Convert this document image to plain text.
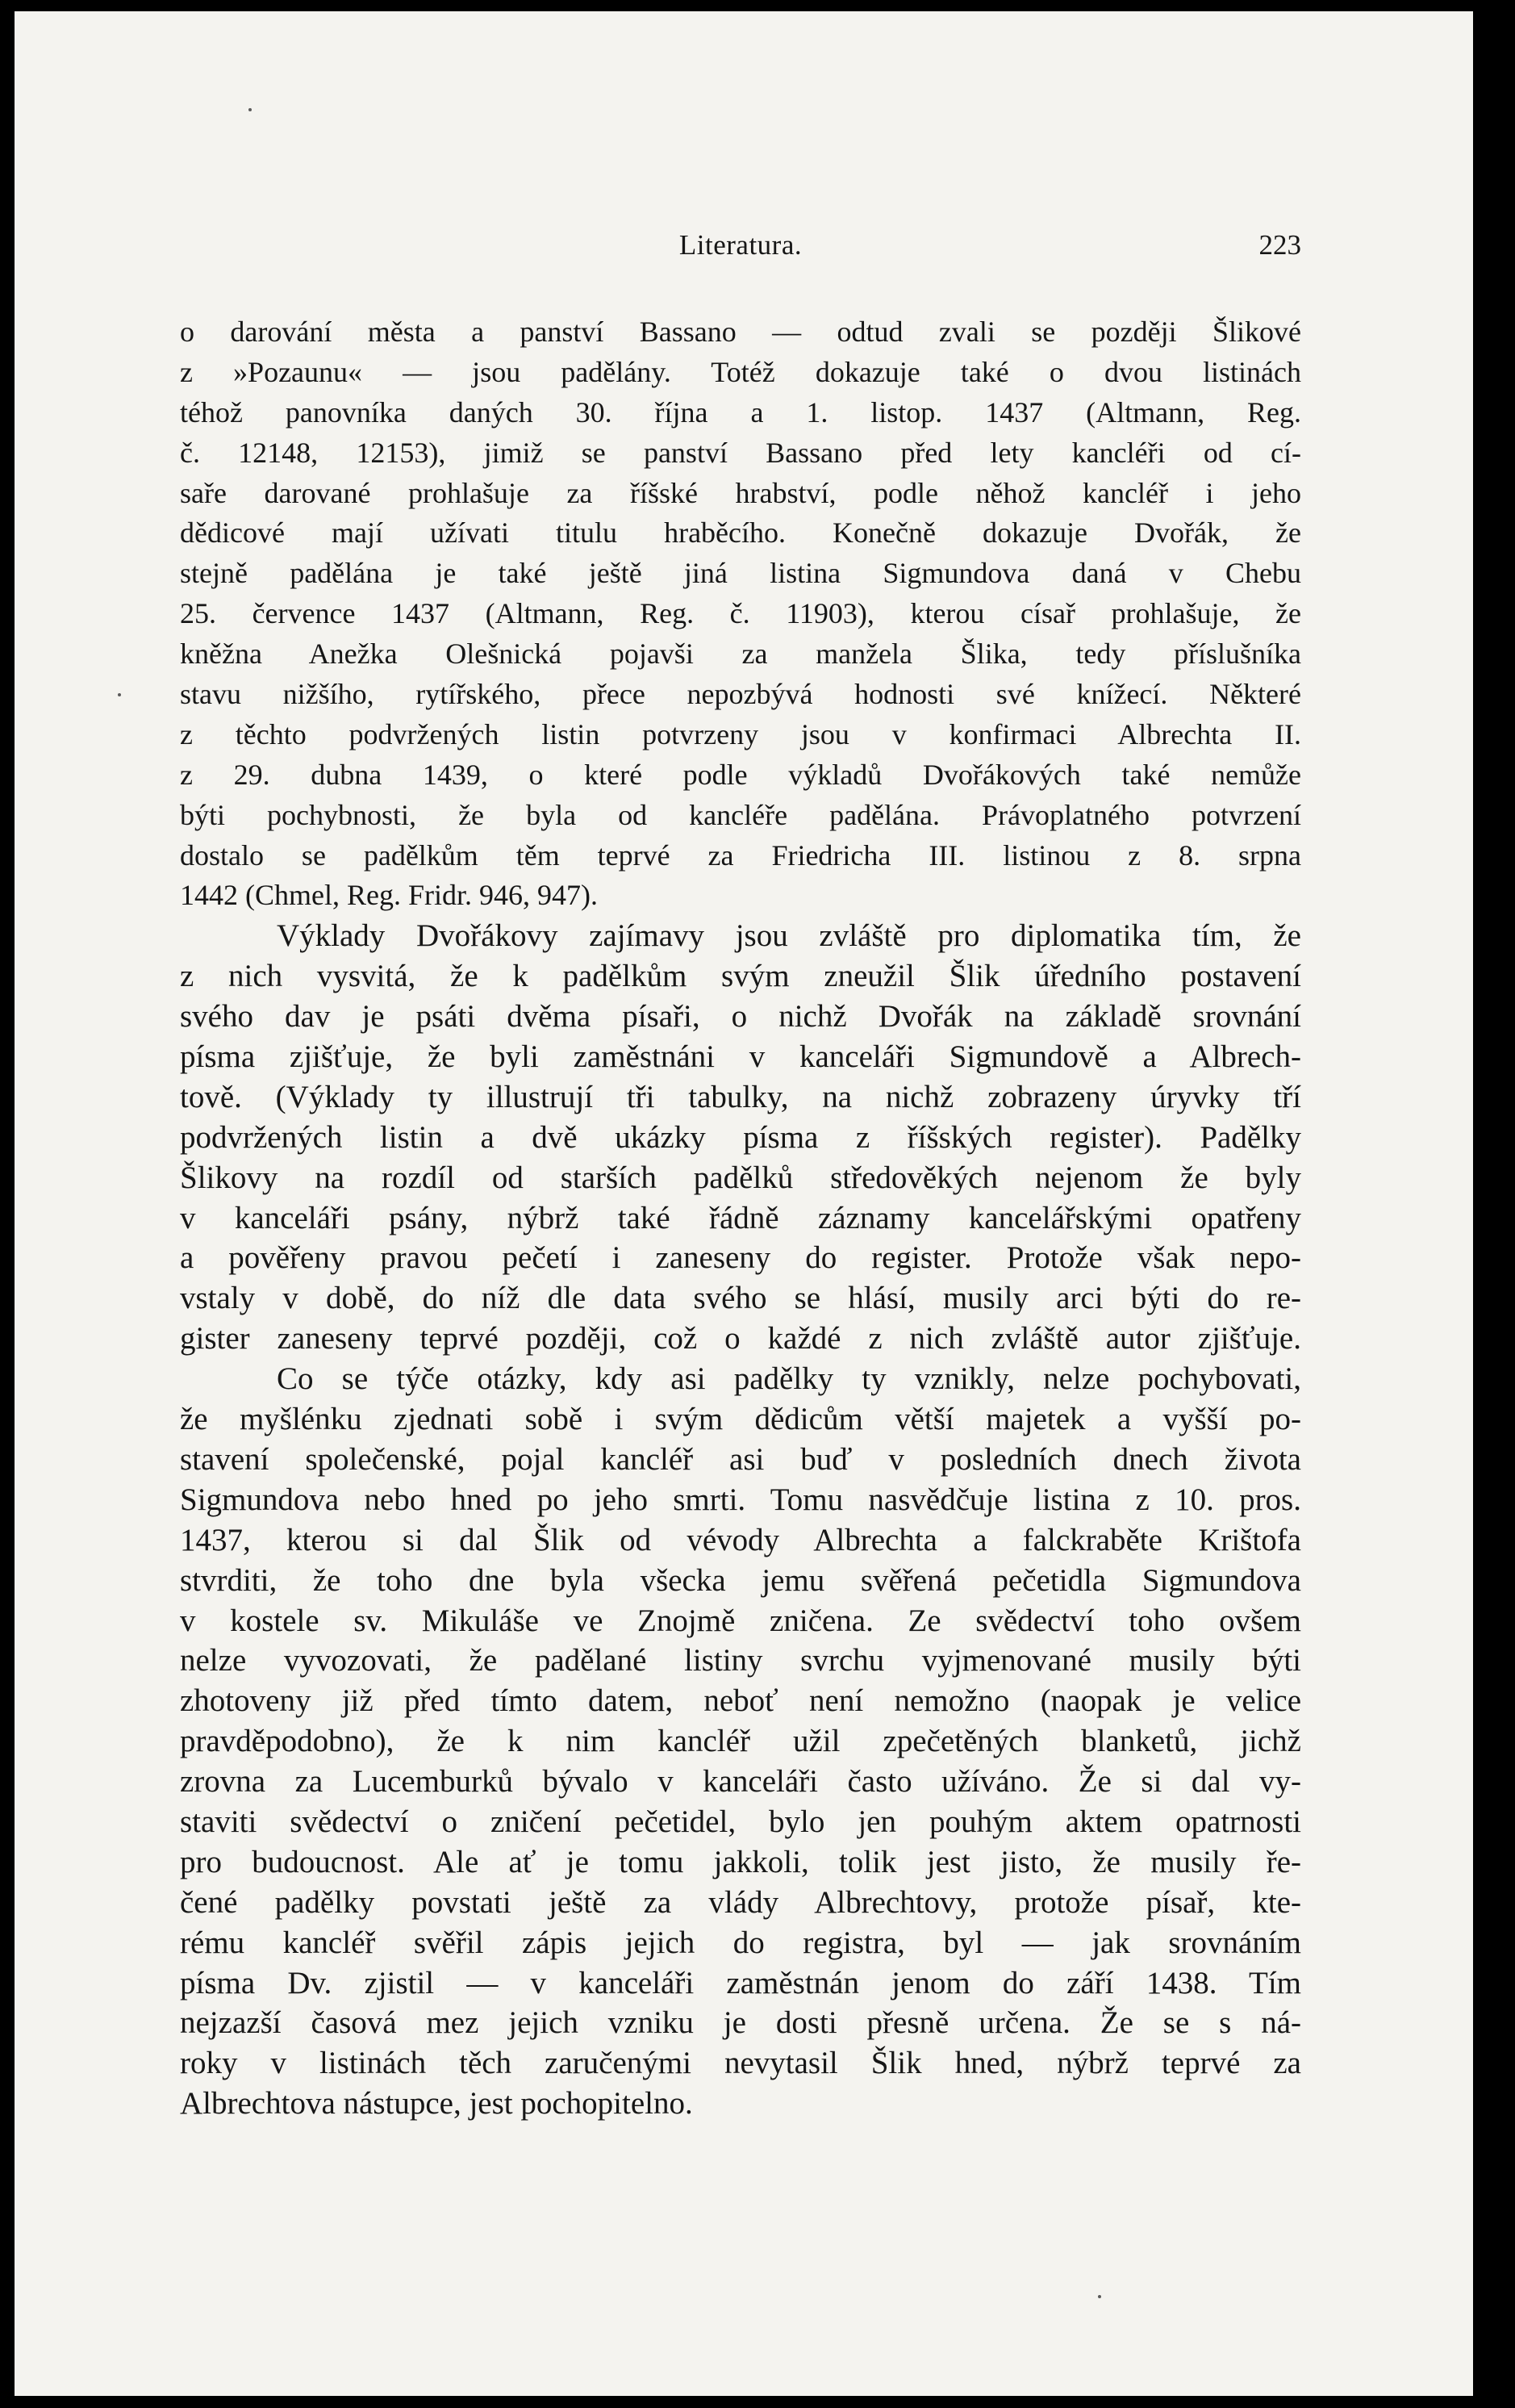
Literatura.	223
o darování města a panství Bassano — odtud zvali se později Šlikové
z »Pozaunu« — jsou padělány. Totéž dokazuje také o dvou listinách
téhož panovníka daných 30. října a 1. listop. 1437 (Altmann, Reg.
č. 12148, 12153), jimiž se panství Bassano před lety kancléři od cí-
saře darované prohlašuje za říšské hrabství, podle něhož kancléř i jeho
dědicové mají užívati titulu hraběcího. Konečně dokazuje Dvořák, že
stejně padělána je také ještě jiná listina Sigmundova daná v Chebu
25. července 1437 (Altmann, Reg. č. 11903), kterou císař prohlašuje, že
kněžna Anežka Olešnická pojavši za manžela Šlika, tedy příslušníka
stavu nižšího, rytířského, přece nepozbývá hodnosti své knížecí. Některé
z těchto podvržených listin potvrzeny jsou v konfirmaci Albrechta II.
z 29. dubna 1439, o které podle výkladů Dvořákových také nemůže
býti pochybnosti, že byla od kancléře padělána. Právoplatného potvrzení
dostalo se padělkům těm teprvé za Friedricha III. listinou z 8. srpna
1442 (Chmel, Reg. Fridr. 946, 947).
Výklady Dvořákovy zajímavy jsou zvláště pro diplomatika tím, že
z nich vysvitá, že k padělkům svým zneužil Šlik úředního postavení
svého dav je psáti dvěma písaři, o nichž Dvořák na základě srovnání
písma zjišťuje, že byli zaměstnáni v kanceláři Sigmundově a Albrech-
tově. (Výklady ty illustrují tři tabulky, na nichž zobrazeny úryvky tří
podvržených listin a dvě ukázky písma z říšských register). Padělky
Šlikovy na rozdíl od starších padělků středověkých nejenom že byly
v kanceláři psány, nýbrž také řádně záznamy kancelářskými opatřeny
a pověřeny pravou pečetí i zaneseny do register. Protože však nepo-
vstaly v době, do níž dle data svého se hlásí, musily arci býti do re-
gister zaneseny teprvé později, což o každé z nich zvláště autor zjišťuje.
Co se týče otázky, kdy asi padělky ty vznikly, nelze pochybovati,
že myšlénku zjednati sobě i svým dědicům větší majetek a vyšší po-
stavení společenské, pojal kancléř asi buď v posledních dnech života
Sigmundova nebo hned po jeho smrti. Tomu nasvědčuje listina z 10. pros.
1437, kterou si dal Šlik od vévody Albrechta a falckraběte Krištofa
stvrditi, že toho dne byla všecka jemu svěřená pečetidla Sigmundova
v kostele sv. Mikuláše ve Znojmě zničena. Ze svědectví toho ovšem
nelze vyvozovati, že padělané listiny svrchu vyjmenované musily býti
zhotoveny již před tímto datem, neboť není nemožno (naopak je velice
pravděpodobno), že k nim kancléř užil zpečetěných blanketů, jichž
zrovna za Lucemburků bývalo v kanceláři často užíváno. Že si dal vy-
staviti svědectví o zničení pečetidel, bylo jen pouhým aktem opatrnosti
pro budoucnost. Ale ať je tomu jakkoli, tolik jest jisto, že musily ře-
čené padělky povstati ještě za vlády Albrechtovy, protože písař, kte-
rému kancléř svěřil zápis jejich do registra, byl — jak srovnáním
písma Dv. zjistil — v kanceláři zaměstnán jenom do září 1438. Tím
nejzazší časová mez jejich vzniku je dosti přesně určena. Že se s ná-
roky v listinách těch zaručenými nevytasil Šlik hned, nýbrž teprvé za
Albrechtova nástupce, jest pochopitelno.
